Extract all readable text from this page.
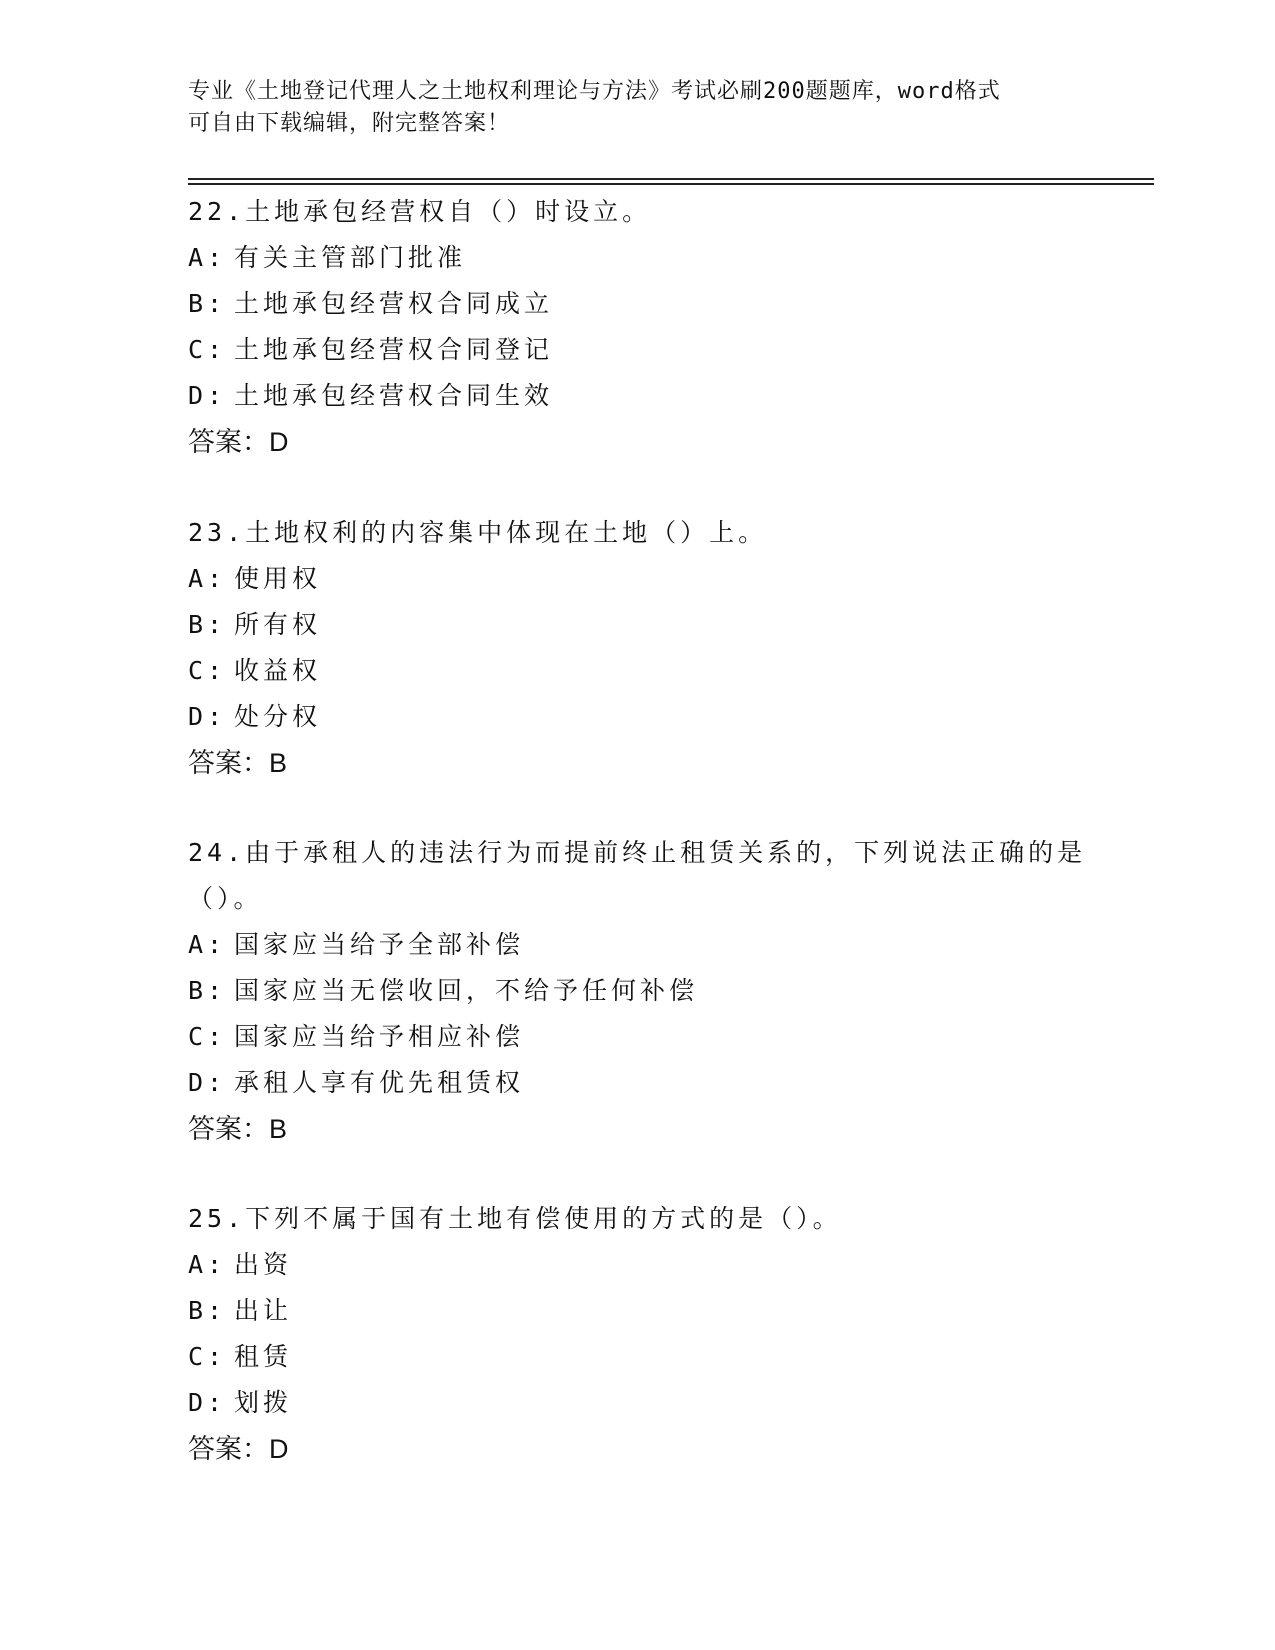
专业《土地登记代理人之土地权利理论与方法》考试必刷200题题库，word格式
可自由下载编辑，附完整答案！
22.土地承包经营权自（）时设立。
A: 有关主管部门批准
B: 土地承包经营权合同成立
C: 土地承包经营权合同登记
D: 土地承包经营权合同生效
答案：D
23.土地权利的内容集中体现在土地（）上。
A: 使用权
B: 所有权
C: 收益权
D: 处分权
答案：B
24.由于承租人的违法行为而提前终止租赁关系的，下列说法正确的是
（）。
A: 国家应当给予全部补偿
B: 国家应当无偿收回，不给予任何补偿
C: 国家应当给予相应补偿
D: 承租人享有优先租赁权
答案：B
25.下列不属于国有土地有偿使用的方式的是（）。
A: 出资
B: 出让
C: 租赁
D: 划拨
答案：D
